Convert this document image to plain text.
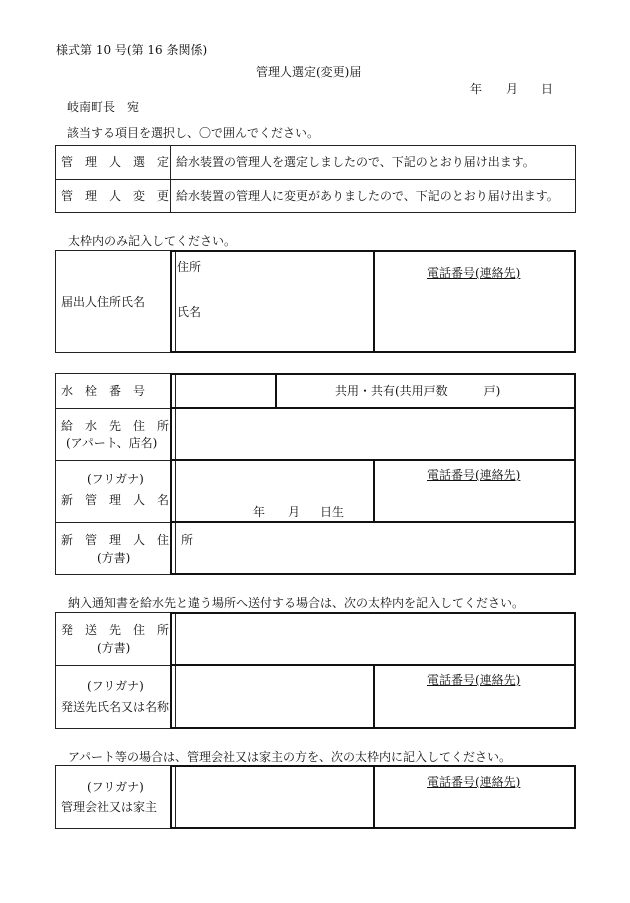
様式第 10 号(第 16 条関係)
管理人選定(変更)届
年 月 日
岐南町長　宛
該当する項目を選択し、〇で囲んでください。
管　理　人　選　定 給水装置の管理人を選定しましたので、下記のとおり届け出ます。
管　理　人　変　更 給水装置の管理人に変更がありましたので、下記のとおり届け出ます。
太枠内のみ記入してください。
届出人住所氏名
住所
氏名
電話番号(連絡先)
水　栓　番　号	共用・共有(共用戸数　　　戸)
給　水　先　住　所
(アパート、店名)
(フリガナ)
新　管　理　人　名
年 月 日生
電話番号(連絡先)
新　管　理　人　住　所
(方書)
納入通知書を給水先と違う場所へ送付する場合は、次の太枠内を記入してください。
発　送　先　住　所
(方書)
(フリガナ)
発送先氏名又は名称
電話番号(連絡先)
アパート等の場合は、管理会社又は家主の方を、次の太枠内に記入してください。
(フリガナ)
管理会社又は家主
電話番号(連絡先)
